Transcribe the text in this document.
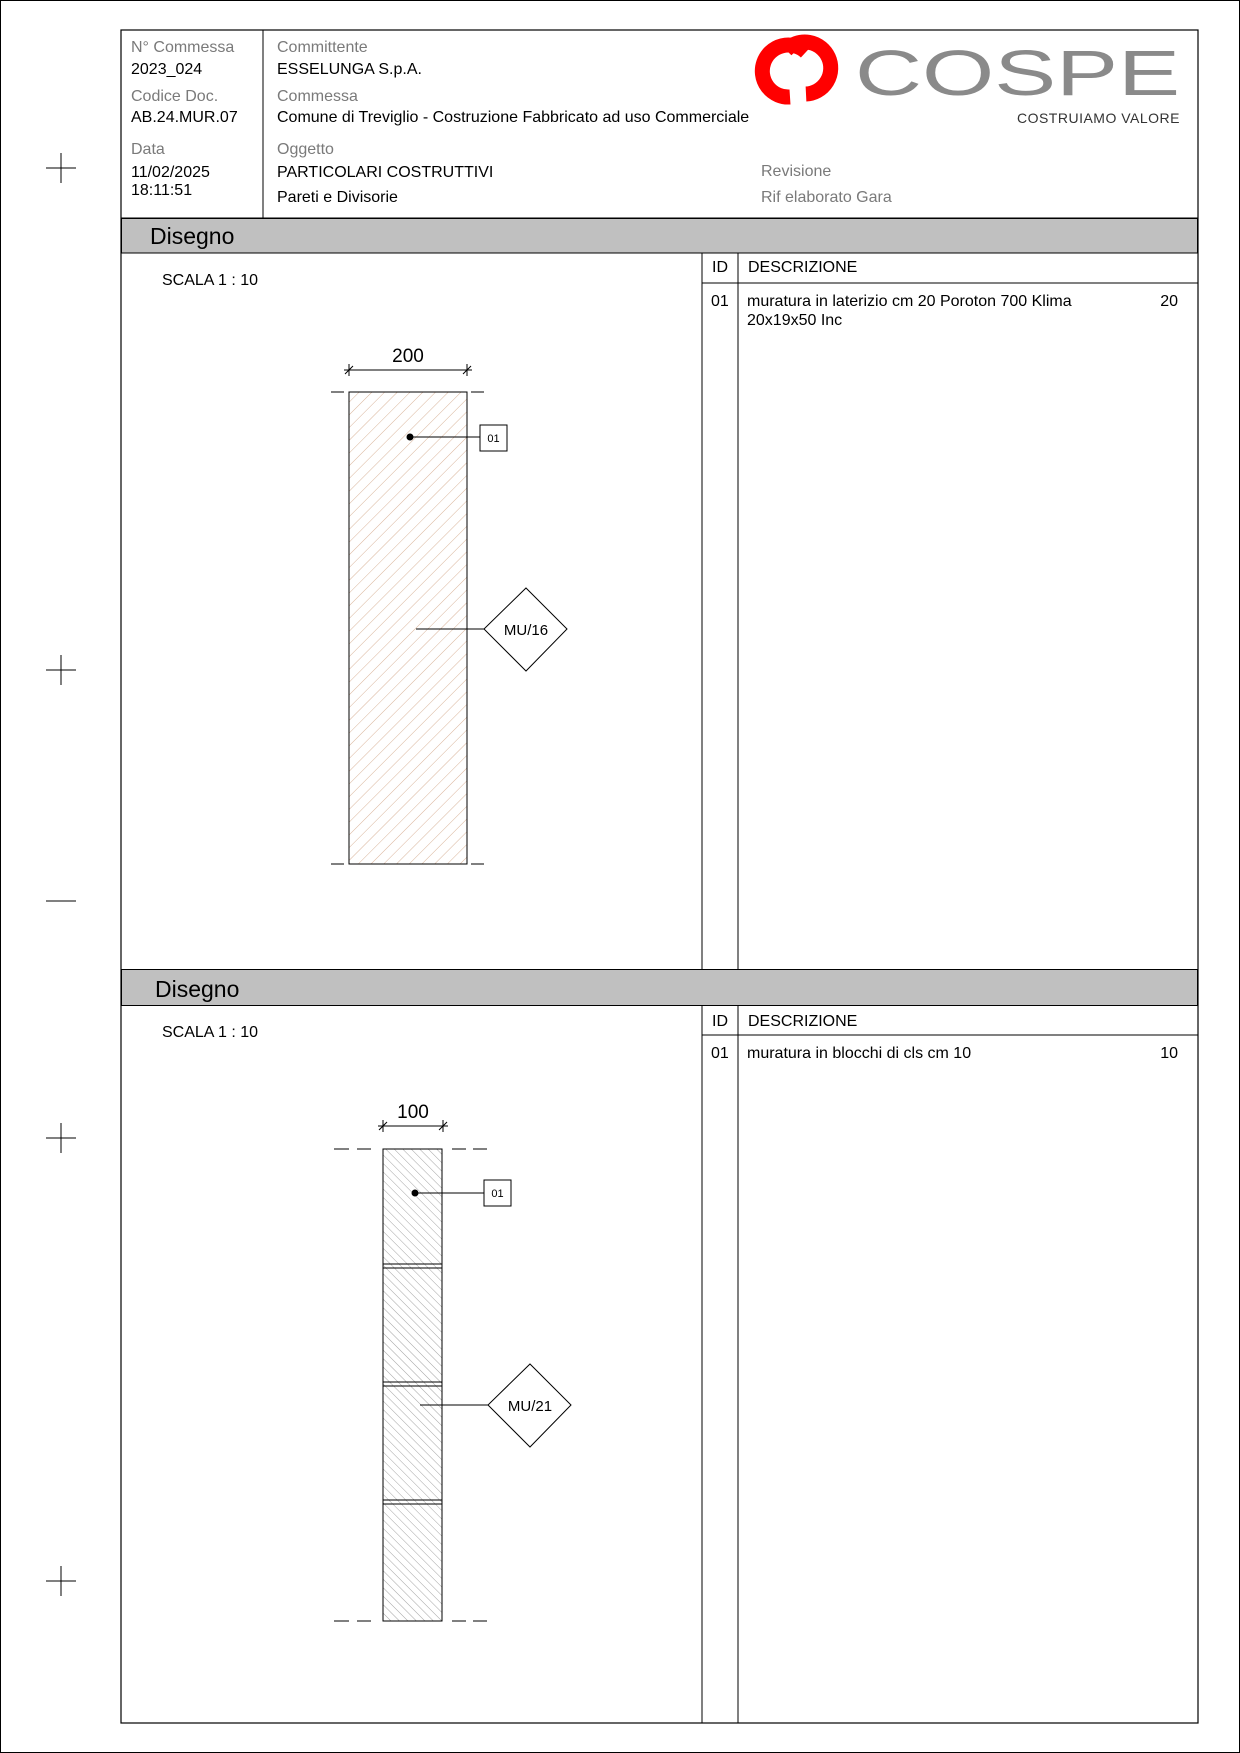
COSPE
COSTRUIAMO VALORE
200
01
MU/16
100
01
MU/21
N° Commessa
2023_024
Codice Doc.
AB.24.MUR.07
Data
11/02/2025
18:11:51
Committente
ESSELUNGA S.p.A.
Commessa
Comune di Treviglio - Costruzione Fabbricato ad uso Commerciale
Oggetto
PARTICOLARI COSTRUTTIVI
Pareti e Divisorie
Revisione
Rif elaborato Gara
Disegno
SCALA 1 : 10
ID DESCRIZIONE
01 muratura in laterizio cm 20 Poroton 700 Klima 20x19x50 Inc
20
Disegno
SCALA 1 : 10
ID DESCRIZIONE
01 muratura in blocchi di cls cm 10	10
